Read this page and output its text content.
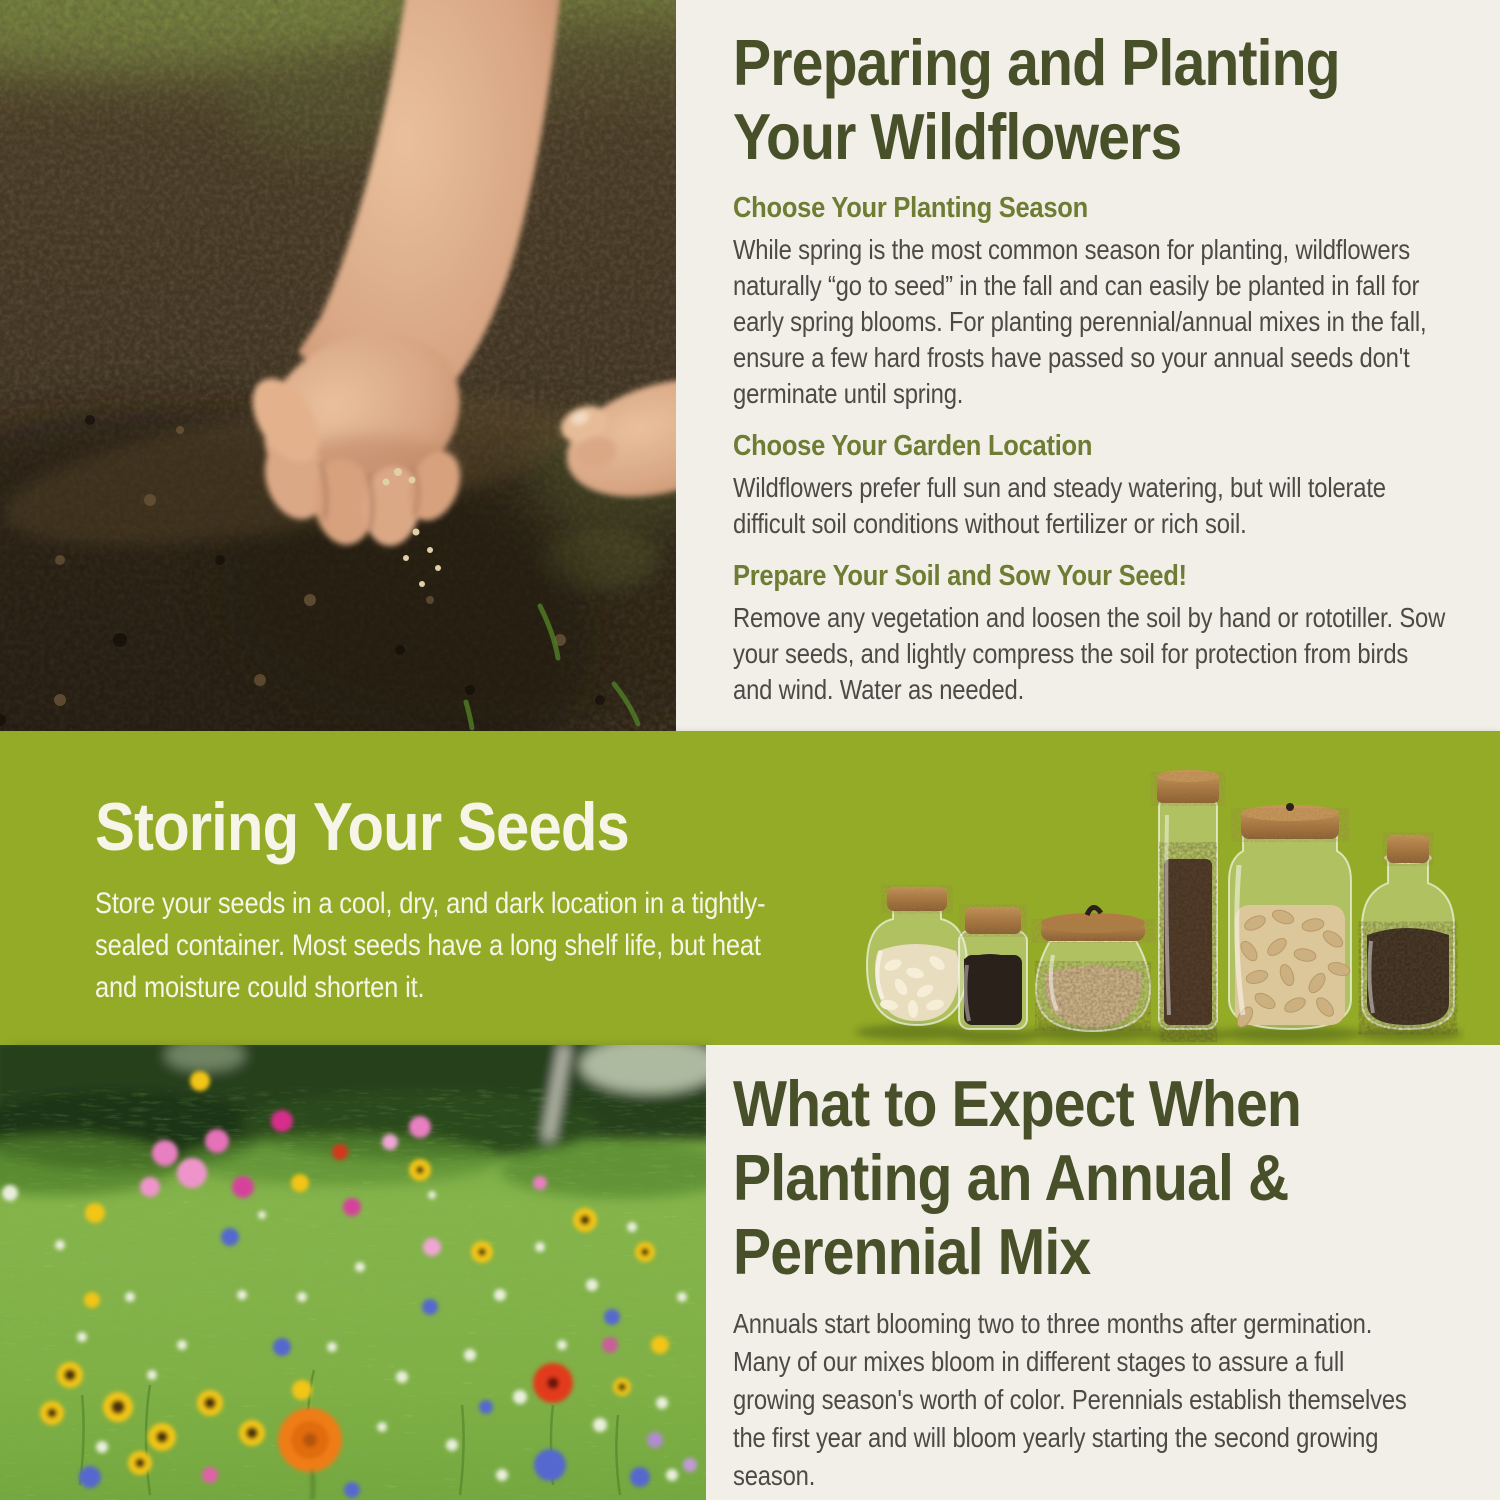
Preparing and Planting Your Wildflowers

Choose Your Planting Season

While spring is the most common season for planting, wildflowers naturally “go to seed” in the fall and can easily be planted in fall for early spring blooms. For planting perennial/annual mixes in the fall, ensure a few hard frosts have passed so your annual seeds don't germinate until spring.

Choose Your Garden Location

Wildflowers prefer full sun and steady watering, but will tolerate difficult soil conditions without fertilizer or rich soil.

Prepare Your Soil and Sow Your Seed!

Remove any vegetation and loosen the soil by hand or rototiller. Sow your seeds, and lightly compress the soil for protection from birds and wind. Water as needed.

Storing Your Seeds

Store your seeds in a cool, dry, and dark location in a tightly-sealed container. Most seeds have a long shelf life, but heat and moisture could shorten it.

What to Expect When Planting an Annual & Perennial Mix

Annuals start blooming two to three months after germination. Many of our mixes bloom in different stages to assure a full growing season's worth of color. Perennials establish themselves the first year and will bloom yearly starting the second growing season.
